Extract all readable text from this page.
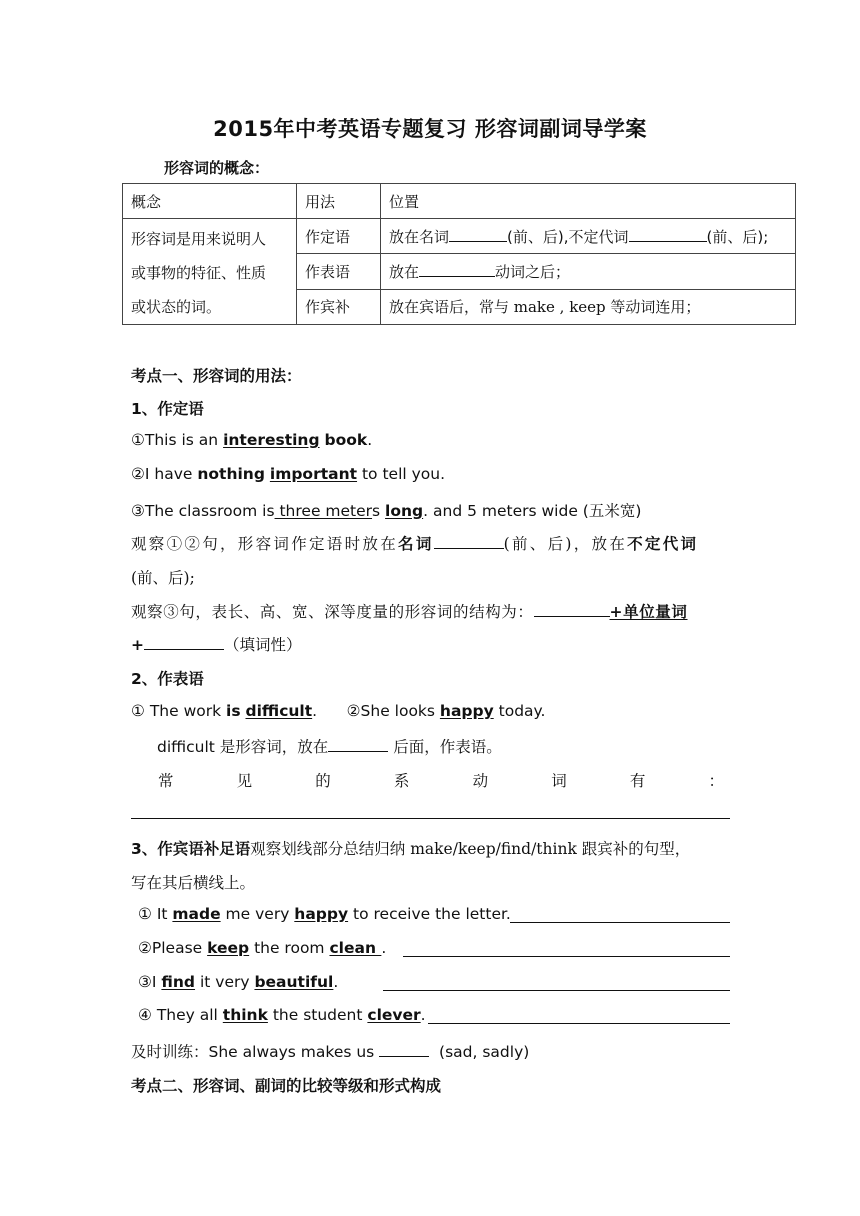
2015年中考英语专题复习 形容词副词导学案
形容词的概念：
概念	用法	位置

形容词是用来说明人
或事物的特征、性质
或状态的词。	作定语	放在名词 (前、后),不定代词 (前、后);
	作表语	放在 动词之后；
	作宾补	放在宾语后，常与 make , keep 等动词连用；
考点一、形容词的用法：
1、作定语
①This is an interesting book.
②I have nothing important to tell you.
③The classroom is three meters long. and 5 meters wide (五米宽)
观察①②句，形容词作定语时放在名词	(前、后)，放在不定代词
(前、后);
观察③句，表长、高、宽、深等度量的形容词的结构为：	+单位量词
+	（填词性）
2、作表语
① The work is difficult.      ②She looks happy today.
difficult 是形容词，放在	后面，作表语。
常	见	的	系	动	词	有	：
3、作宾语补足语观察划线部分总结归纳 make/keep/find/think 跟宾补的句型，
写在其后横线上。
① It made me very happy to receive the letter.
②Please keep the room clean .
③I find it very beautiful.
④ They all think the student clever.
及时训练：She always makes us	(sad, sadly)
考点二、形容词、副词的比较等级和形式构成
